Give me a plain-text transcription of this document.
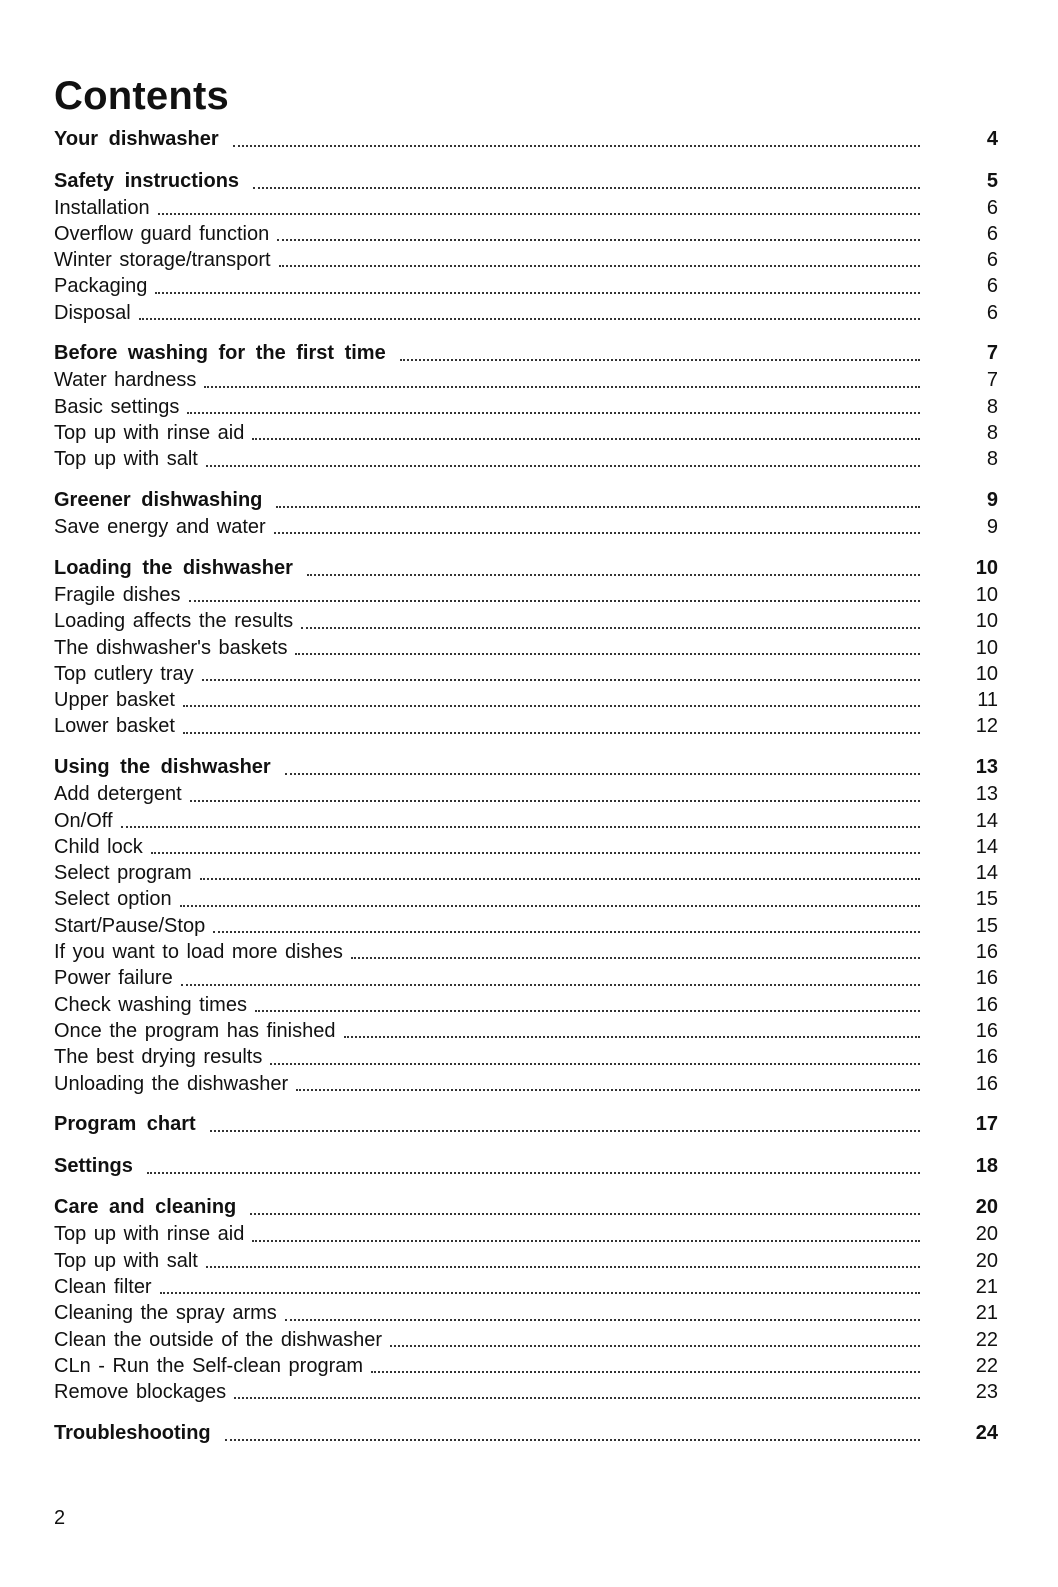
Contents
Your dishwasher	4
Safety instructions	5
Installation	6
Overflow guard function	6
Winter storage/transport	6
Packaging	6
Disposal	6
Before washing for the first time	7
Water hardness	7
Basic settings	8
Top up with rinse aid	8
Top up with salt	8
Greener dishwashing	9
Save energy and water	9
Loading the dishwasher	10
Fragile dishes	10
Loading affects the results	10
The dishwasher's baskets	10
Top cutlery tray	10
Upper basket	11
Lower basket	12
Using the dishwasher	13
Add detergent	13
On/Off	14
Child lock	14
Select program	14
Select option	15
Start/Pause/Stop	15
If you want to load more dishes	16
Power failure	16
Check washing times	16
Once the program has finished	16
The best drying results	16
Unloading the dishwasher	16
Program chart	17
Settings	18
Care and cleaning	20
Top up with rinse aid	20
Top up with salt	20
Clean filter	21
Cleaning the spray arms	21
Clean the outside of the dishwasher	22
CLn - Run the Self-clean program	22
Remove blockages	23
Troubleshooting	24
2
